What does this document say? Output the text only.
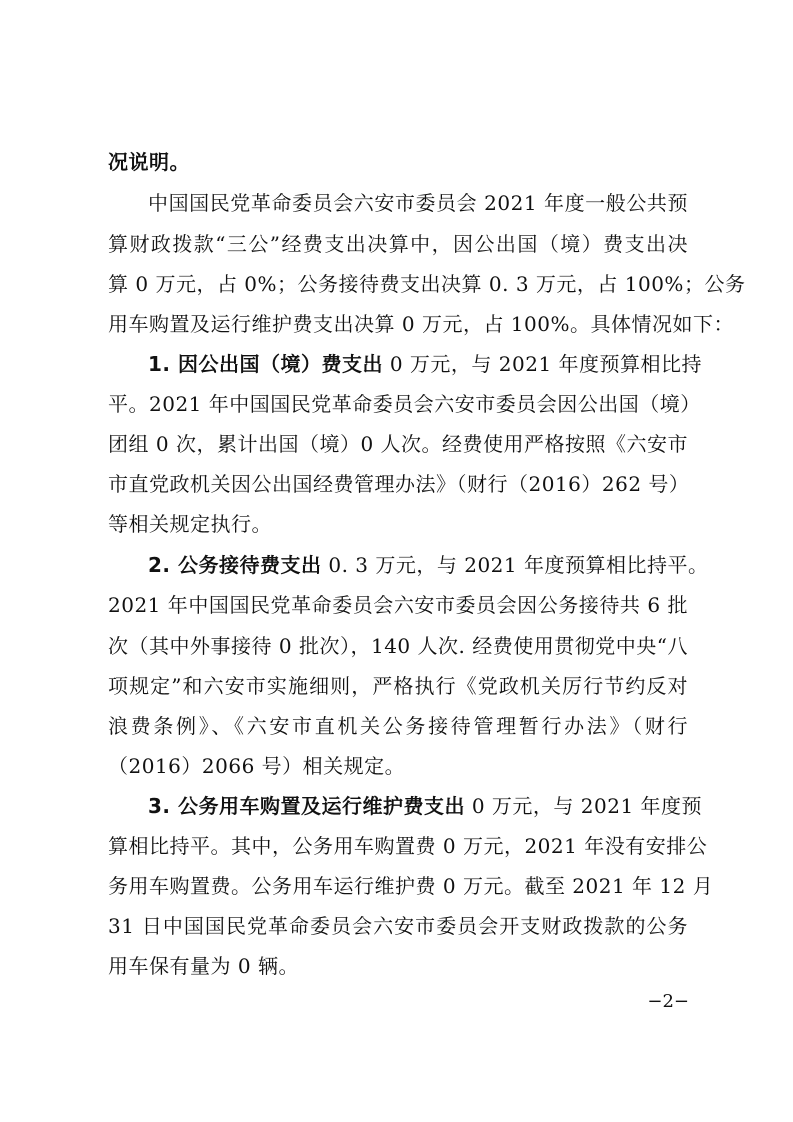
况说明。
中国国民党革命委员会六安市委员会 2021 年度一般公共预
算财政拨款“三公”经费支出决算中，因公出国（境）费支出决
算 0 万元，占 0%；公务接待费支出决算 0. 3 万元，占 100%；公务
用车购置及运行维护费支出决算 0 万元，占 100%。具体情况如下：
1. 因公出国（境）费支出 0 万元，与 2021 年度预算相比持
平。2021 年中国国民党革命委员会六安市委员会因公出国（境）
团组 0 次，累计出国（境）0 人次。经费使用严格按照《六安市
市直党政机关因公出国经费管理办法》（财行（2016）262 号）
等相关规定执行。
2. 公务接待费支出 0. 3 万元，与 2021 年度预算相比持平。
2021 年中国国民党革命委员会六安市委员会因公务接待共 6 批
次（其中外事接待 0 批次），140 人次. 经费使用贯彻党中央“八
项规定”和六安市实施细则，严格执行《党政机关厉行节约反对
浪费条例》、《六安市直机关公务接待管理暂行办法》（财行
（2016）2066 号）相关规定。
3. 公务用车购置及运行维护费支出 0 万元，与 2021 年度预
算相比持平。其中，公务用车购置费 0 万元，2021 年没有安排公
务用车购置费。公务用车运行维护费 0 万元。截至 2021 年 12 月
31 日中国国民党革命委员会六安市委员会开支财政拨款的公务
用车保有量为 0 辆。
−2−
